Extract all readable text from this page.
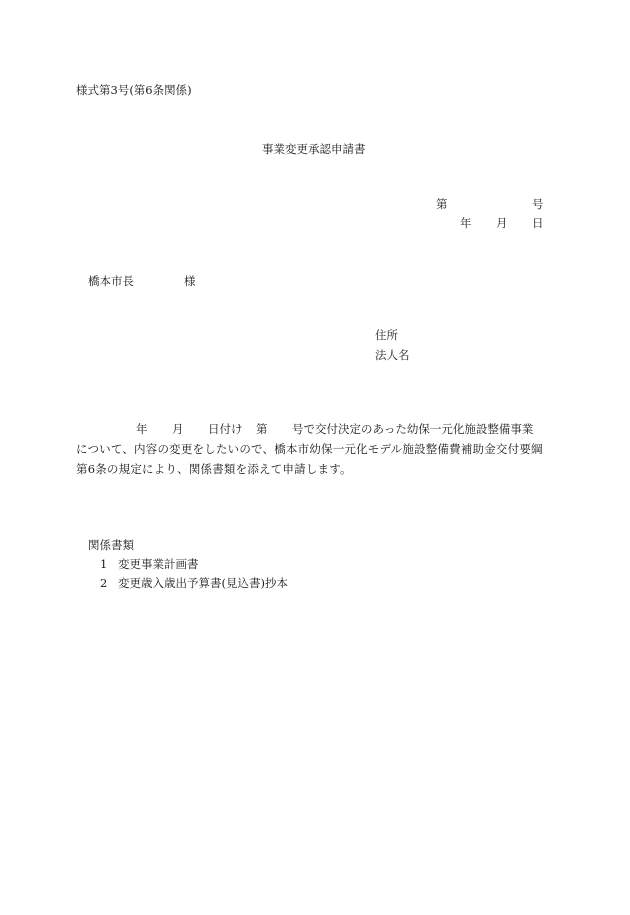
様式第3号(第6条関係)
事業変更承認申請書
第	号
年 月 日
橋本市長	様
住所
法人名
年 月 日付け 第 号で交付決定のあった幼保一元化施設整備事業
について、内容の変更をしたいので、橋本市幼保一元化モデル施設整備費補助金交付要綱
第6条の規定により、関係書類を添えて申請します。
関係書類
1 変更事業計画書
2 変更歳入歳出予算書(見込書)抄本
